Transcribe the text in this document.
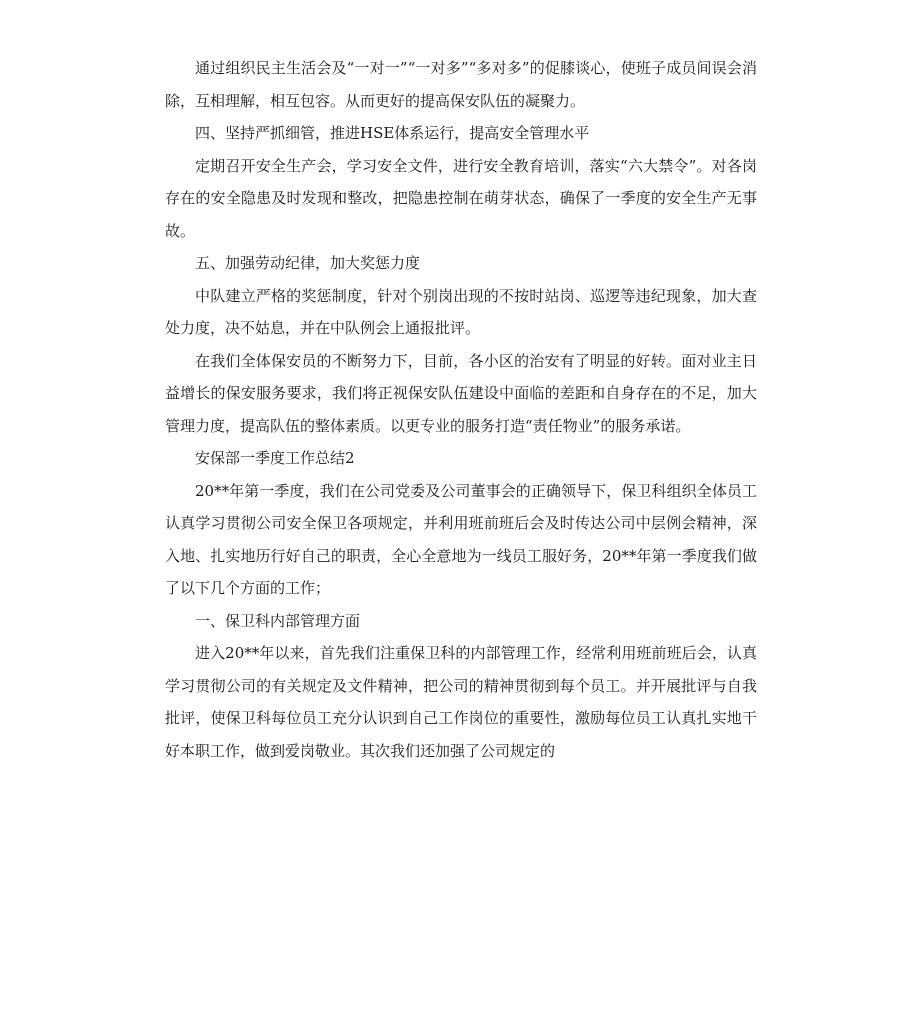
通过组织民主生活会及“一对一”“一对多”“多对多”的促膝谈心，使班子成员间误会消除，互相理解，相互包容。从而更好的提高保安队伍的凝聚力。

四、坚持严抓细管，推进HSE体系运行，提高安全管理水平

定期召开安全生产会，学习安全文件，进行安全教育培训，落实“六大禁令”。对各岗存在的安全隐患及时发现和整改，把隐患控制在萌芽状态，确保了一季度的安全生产无事故。

五、加强劳动纪律，加大奖惩力度

中队建立严格的奖惩制度，针对个别岗出现的不按时站岗、巡逻等违纪现象，加大查处力度，决不姑息，并在中队例会上通报批评。

在我们全体保安员的不断努力下，目前，各小区的治安有了明显的好转。面对业主日益增长的保安服务要求，我们将正视保安队伍建设中面临的差距和自身存在的不足，加大管理力度，提高队伍的整体素质。以更专业的服务打造“责任物业”的服务承诺。

安保部一季度工作总结2

20**年第一季度，我们在公司党委及公司董事会的正确领导下，保卫科组织全体员工认真学习贯彻公司安全保卫各项规定，并利用班前班后会及时传达公司中层例会精神，深入地、扎实地历行好自己的职责，全心全意地为一线员工服好务，20**年第一季度我们做了以下几个方面的工作；

一、保卫科内部管理方面

进入20**年以来，首先我们注重保卫科的内部管理工作，经常利用班前班后会，认真学习贯彻公司的有关规定及文件精神，把公司的精神贯彻到每个员工。并开展批评与自我批评，使保卫科每位员工充分认识到自己工作岗位的重要性，激励每位员工认真扎实地干好本职工作，做到爱岗敬业。其次我们还加强了公司规定的
